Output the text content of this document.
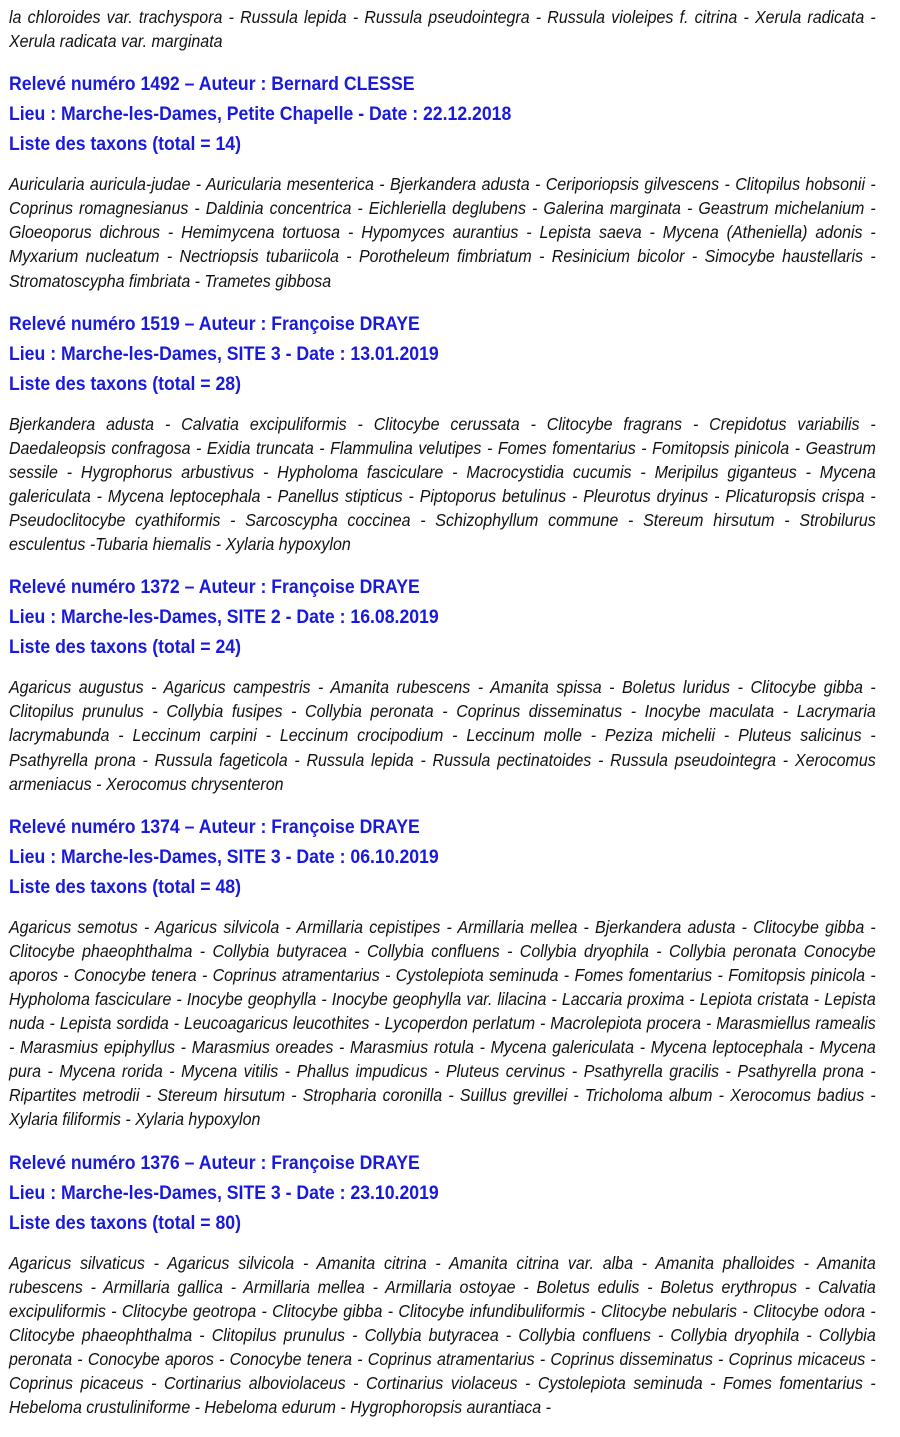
la chloroides var. trachyspora - Russula lepida - Russula pseudointegra - Russula violeipes f. citrina - Xerula radicata - Xerula radicata var. marginata

Relevé numéro 1492 – Auteur : Bernard CLESSE

Lieu : Marche-les-Dames, Petite Chapelle - Date : 22.12.2018

Liste des taxons (total = 14)

Auricularia auricula-judae - Auricularia mesenterica - Bjerkandera adusta - Ceriporiopsis gilvescens - Clitopilus hobsonii - Coprinus romagnesianus - Daldinia concentrica - Eichleriella deglubens - Galerina marginata - Geastrum michelanium - Gloeoporus dichrous - Hemimycena tortuosa - Hypomyces aurantius - Lepista saeva - Mycena (Atheniella) adonis - Myxarium nucleatum - Nectriopsis tubariicola - Porotheleum fimbriatum - Resinicium bicolor - Simocybe haustellaris - Stromatoscypha fimbriata - Trametes gibbosa

Relevé numéro 1519 – Auteur : Françoise DRAYE

Lieu : Marche-les-Dames, SITE 3 - Date : 13.01.2019

Liste des taxons (total = 28)

Bjerkandera adusta - Calvatia excipuliformis - Clitocybe cerussata - Clitocybe fragrans - Crepidotus variabilis - Daedaleopsis confragosa - Exidia truncata - Flammulina velutipes - Fomes fomentarius - Fomitopsis pinicola - Geastrum sessile - Hygrophorus arbustivus - Hypholoma fasciculare - Macrocystidia cucumis - Meripilus giganteus - Mycena galericulata - Mycena leptocephala - Panellus stipticus - Piptoporus betulinus - Pleurotus dryinus - Plicaturopsis crispa - Pseudoclitocybe cyathiformis - Sarcoscypha coccinea - Schizophyllum commune - Stereum hirsutum - Strobilurus esculentus -Tubaria hiemalis - Xylaria hypoxylon

Relevé numéro 1372 – Auteur : Françoise DRAYE

Lieu : Marche-les-Dames, SITE 2 - Date : 16.08.2019

Liste des taxons (total = 24)

Agaricus augustus - Agaricus campestris - Amanita rubescens - Amanita spissa - Boletus luridus - Clitocybe gibba - Clitopilus prunulus - Collybia fusipes - Collybia peronata - Coprinus disseminatus - Inocybe maculata - Lacrymaria lacrymabunda - Leccinum carpini - Leccinum crocipodium - Leccinum molle - Peziza michelii - Pluteus salicinus - Psathyrella prona - Russula fageticola - Russula lepida - Russula pectinatoides - Russula pseudointegra - Xerocomus armeniacus - Xerocomus chrysenteron

Relevé numéro 1374 – Auteur : Françoise DRAYE

Lieu : Marche-les-Dames, SITE 3 - Date : 06.10.2019

Liste des taxons (total = 48)

Agaricus semotus - Agaricus silvicola - Armillaria cepistipes - Armillaria mellea - Bjerkandera adusta - Clitocybe gibba - Clitocybe phaeophthalma - Collybia butyracea - Collybia confluens - Collybia dryophila - Collybia peronata Conocybe aporos - Conocybe tenera - Coprinus atramentarius - Cystolepiota seminuda - Fomes fomentarius - Fomitopsis pinicola - Hypholoma fasciculare - Inocybe geophylla - Inocybe geophylla var. lilacina - Laccaria proxima - Lepiota cristata - Lepista nuda - Lepista sordida - Leucoagaricus leucothites - Lycoperdon perlatum - Macrolepiota procera - Marasmiellus ramealis - Marasmius epiphyllus - Marasmius oreades - Marasmius rotula - Mycena galericulata - Mycena leptocephala - Mycena pura - Mycena rorida - Mycena vitilis - Phallus impudicus - Pluteus cervinus - Psathyrella gracilis - Psathyrella prona - Ripartites metrodii - Stereum hirsutum - Stropharia coronilla - Suillus grevillei - Tricholoma album - Xerocomus badius - Xylaria filiformis - Xylaria hypoxylon

Relevé numéro 1376 – Auteur : Françoise DRAYE

Lieu : Marche-les-Dames, SITE 3 - Date : 23.10.2019

Liste des taxons (total = 80)

Agaricus silvaticus - Agaricus silvicola - Amanita citrina - Amanita citrina var. alba - Amanita phalloides - Amanita rubescens - Armillaria gallica - Armillaria mellea - Armillaria ostoyae - Boletus edulis - Boletus erythropus - Calvatia excipuliformis - Clitocybe geotropa - Clitocybe gibba - Clitocybe infundibuliformis - Clitocybe nebularis - Clitocybe odora - Clitocybe phaeophthalma - Clitopilus prunulus - Collybia butyracea - Collybia confluens - Collybia dryophila - Collybia peronata - Conocybe aporos - Conocybe tenera - Coprinus atramentarius - Coprinus disseminatus - Coprinus micaceus - Coprinus picaceus - Cortinarius alboviolaceus - Cortinarius violaceus - Cystolepiota seminuda - Fomes fomentarius - Hebeloma crustuliniforme - Hebeloma edurum - Hygrophoropsis aurantiaca -
